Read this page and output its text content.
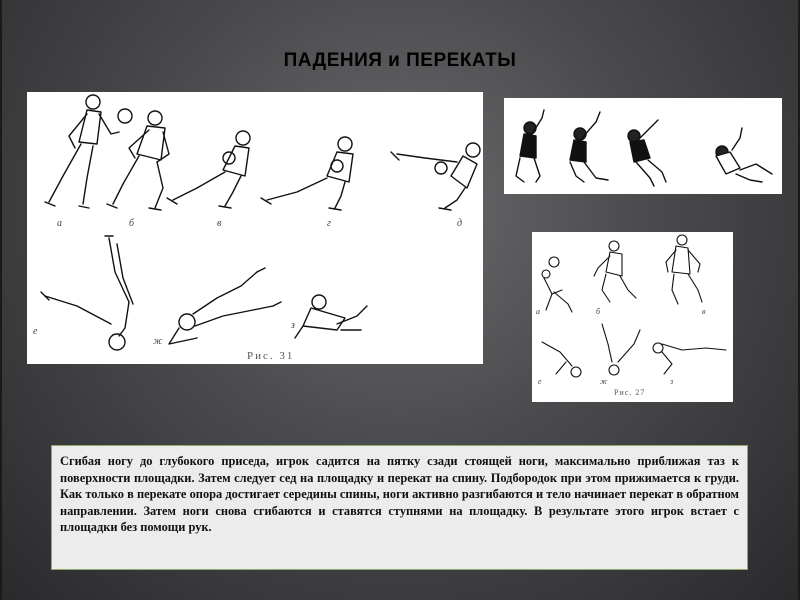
ПАДЕНИЯ и ПЕРЕКАТЫ
а	б	в	г	д
е
ж
з
Рис. 31
а	б	в
е	ж	з
Рис. 27

Сгибая ногу до глубокого приседа, игрок садится на пятку сзади стоящей ноги, максимально приближая таз к поверхности площадки. Затем следует сед на площадку и перекат на спину. Подбородок при этом прижимается к груди. Как только в перекате опора достигает середины спины, ноги активно разгибаются и тело начинает перекат в обратном направлении. Затем ноги снова сгибаются и ставятся ступнями на площадку. В результате этого игрок встает с площадки без помощи рук.
